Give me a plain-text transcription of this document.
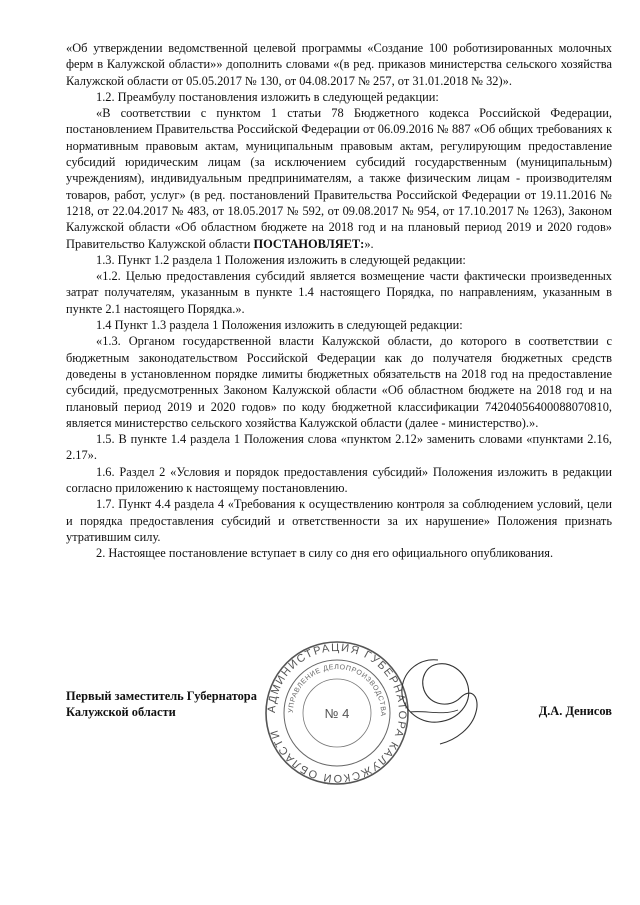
«Об утверждении ведомственной целевой программы «Создание 100 роботизированных молочных ферм в Калужской области»» дополнить словами «(в ред. приказов министерства сельского хозяйства Калужской области от 05.05.2017 № 130, от 04.08.2017 № 257, от 31.01.2018 № 32)».

1.2. Преамбулу постановления изложить в следующей редакции:

«В соответствии с пунктом 1 статьи 78 Бюджетного кодекса Российской Федерации, постановлением Правительства Российской Федерации от 06.09.2016 № 887 «Об общих требованиях к нормативным правовым актам, муниципальным правовым актам, регулирующим предоставление субсидий юридическим лицам (за исключением субсидий государственным (муниципальным) учреждениям), индивидуальным предпринимателям, а также физическим лицам - производителям товаров, работ, услуг» (в ред. постановлений Правительства Российской Федерации от 19.11.2016 № 1218, от 22.04.2017 № 483, от 18.05.2017 № 592, от 09.08.2017 № 954, от 17.10.2017 № 1263), Законом Калужской области «Об областном бюджете на 2018 год и на плановый период 2019 и 2020 годов» Правительство Калужской области ПОСТАНОВЛЯЕТ:».

1.3. Пункт 1.2 раздела 1 Положения изложить в следующей редакции:

«1.2. Целью предоставления субсидий является возмещение части фактически произведенных затрат получателям, указанным в пункте 1.4 настоящего Порядка, по направлениям, указанным в пункте 2.1 настоящего Порядка.».

1.4 Пункт 1.3 раздела 1 Положения изложить в следующей редакции:

«1.3. Органом государственной власти Калужской области, до которого в соответствии с бюджетным законодательством Российской Федерации как до получателя бюджетных средств доведены в установленном порядке лимиты бюджетных обязательств на 2018 год на предоставление субсидий, предусмотренных Законом Калужской области «Об областном бюджете на 2018 год и на плановый период 2019 и 2020 годов» по коду бюджетной классификации 74204056400088070810, является министерство сельского хозяйства Калужской области (далее - министерство).».

1.5. В пункте 1.4 раздела 1 Положения слова «пунктом 2.12» заменить словами «пунктами 2.16, 2.17».

1.6. Раздел 2 «Условия и порядок предоставления субсидий» Положения изложить в редакции согласно приложению к настоящему постановлению.

1.7. Пункт 4.4 раздела 4 «Требования к осуществлению контроля за соблюдением условий, цели и порядка предоставления субсидий и ответственности за их нарушение» Положения признать утратившим силу.

2. Настоящее постановление вступает в силу со дня его официального опубликования.

АДМИНИСТРАЦИЯ ГУБЕРНАТОРА КАЛУЖСКОЙ ОБЛАСТИ
УПРАВЛЕНИЕ ДЕЛОПРОИЗВОДСТВА
№ 4
Первый заместитель Губернатора
Калужской области	Д.А. Денисов
